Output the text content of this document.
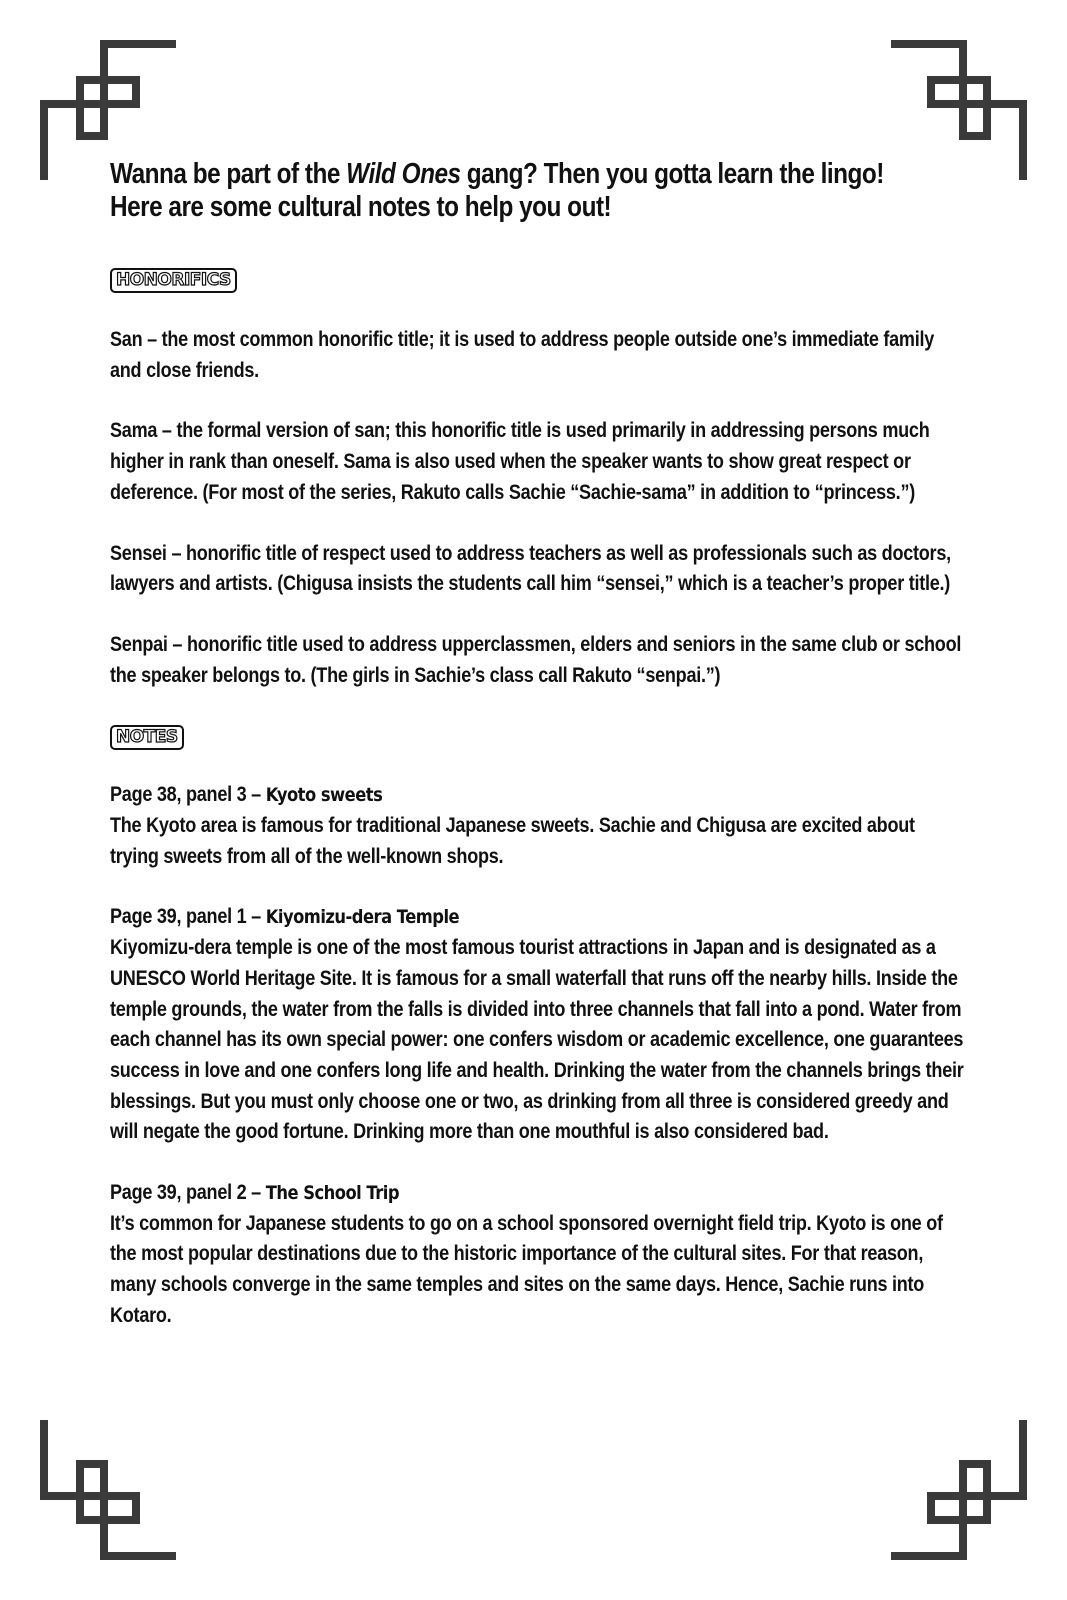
Wanna be part of the Wild Ones gang? Then you gotta learn the lingo!
Here are some cultural notes to help you out!
HONORIFICS

San – the most common honorific title; it is used to address people outside one’s immediate family and close friends.

Sama – the formal version of san; this honorific title is used primarily in addressing persons much higher in rank than oneself. Sama is also used when the speaker wants to show great respect or deference. (For most of the series, Rakuto calls Sachie “Sachie-sama” in addition to “princess.”)

Sensei – honorific title of respect used to address teachers as well as professionals such as doctors, lawyers and artists. (Chigusa insists the students call him “sensei,” which is a teacher’s proper title.)

Senpai – honorific title used to address upperclassmen, elders and seniors in the same club or school the speaker belongs to. (The girls in Sachie’s class call Rakuto “senpai.”)

NOTES
Page 38, panel 3 – Kyoto sweets

The Kyoto area is famous for traditional Japanese sweets. Sachie and Chigusa are excited about trying sweets from all of the well-known shops.

Page 39, panel 1 – Kiyomizu-dera Temple

Kiyomizu-dera temple is one of the most famous tourist attractions in Japan and is designated as a UNESCO World Heritage Site. It is famous for a small waterfall that runs off the nearby hills. Inside the temple grounds, the water from the falls is divided into three channels that fall into a pond. Water from each channel has its own special power: one confers wisdom or academic excellence, one guarantees success in love and one confers long life and health. Drinking the water from the channels brings their blessings. But you must only choose one or two, as drinking from all three is considered greedy and will negate the good fortune. Drinking more than one mouthful is also considered bad.

Page 39, panel 2 – The School Trip

It’s common for Japanese students to go on a school sponsored overnight field trip. Kyoto is one of the most popular destinations due to the historic importance of the cultural sites. For that reason, many schools converge in the same temples and sites on the same days. Hence, Sachie runs into Kotaro.
